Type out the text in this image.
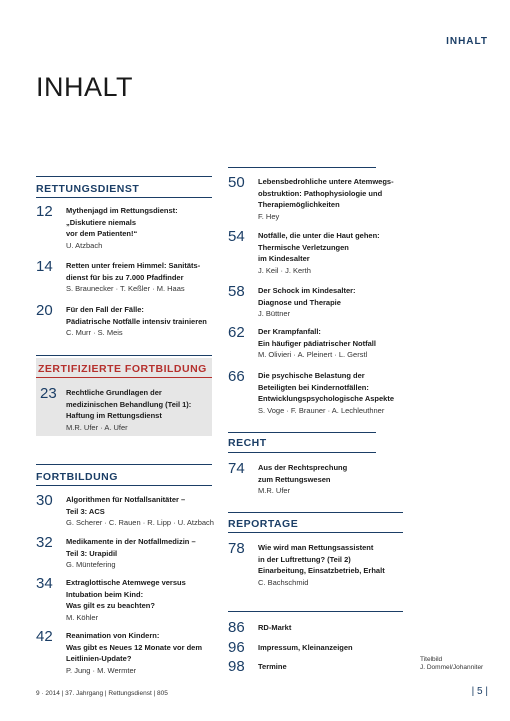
INHALT
INHALT
RETTUNGSDIENST
12 Mythenjagd im Rettungsdienst:
„Diskutiere niemals
vor dem Patienten!“
U. Atzbach
14 Retten unter freiem Himmel: Sanitäts-
dienst für bis zu 7.000 Pfadfinder
S. Braunecker · T. Keßler · M. Haas
20 Für den Fall der Fälle:
Pädiatrische Notfälle intensiv trainieren
C. Murr · S. Meis
ZERTIFIZIERTE FORTBILDUNG
23 Rechtliche Grundlagen der
medizinischen Behandlung (Teil 1):
Haftung im Rettungsdienst
M.R. Ufer · A. Ufer
FORTBILDUNG
30 Algorithmen für Notfallsanitäter –
Teil 3: ACS
G. Scherer · C. Rauen · R. Lipp · U. Atzbach
32 Medikamente in der Notfallmedizin –
Teil 3: Urapidil
G. Müntefering
34 Extraglottische Atemwege versus
Intubation beim Kind:
Was gilt es zu beachten?
M. Köhler
42 Reanimation von Kindern:
Was gibt es Neues 12 Monate vor dem
Leitlinien-Update?
P. Jung · M. Wermter
50 Lebensbedrohliche untere Atemwegs-
obstruktion: Pathophysiologie und
Therapiemöglichkeiten
F. Hey
54 Notfälle, die unter die Haut gehen:
Thermische Verletzungen
im Kindesalter
J. Keil · J. Kerth
58 Der Schock im Kindesalter:
Diagnose und Therapie
J. Büttner
62 Der Krampfanfall:
Ein häufiger pädiatrischer Notfall
M. Olivieri · A. Pleinert · L. Gerstl
66 Die psychische Belastung der
Beteiligten bei Kindernotfällen:
Entwicklungspsychologische Aspekte
S. Voge · F. Brauner · A. Lechleuthner
RECHT
74 Aus der Rechtsprechung
zum Rettungswesen
M.R. Ufer
REPORTAGE
78 Wie wird man Rettungsassistent
in der Luftrettung? (Teil 2)
Einarbeitung, Einsatzbetrieb, Erhalt
C. Bachschmid
86 RD-Markt
96 Impressum, Kleinanzeigen
98 Termine
Titelbild
J. Dommel/Johanniter
9 · 2014 | 37. Jahrgang | Rettungsdienst | 805	| 5 |
